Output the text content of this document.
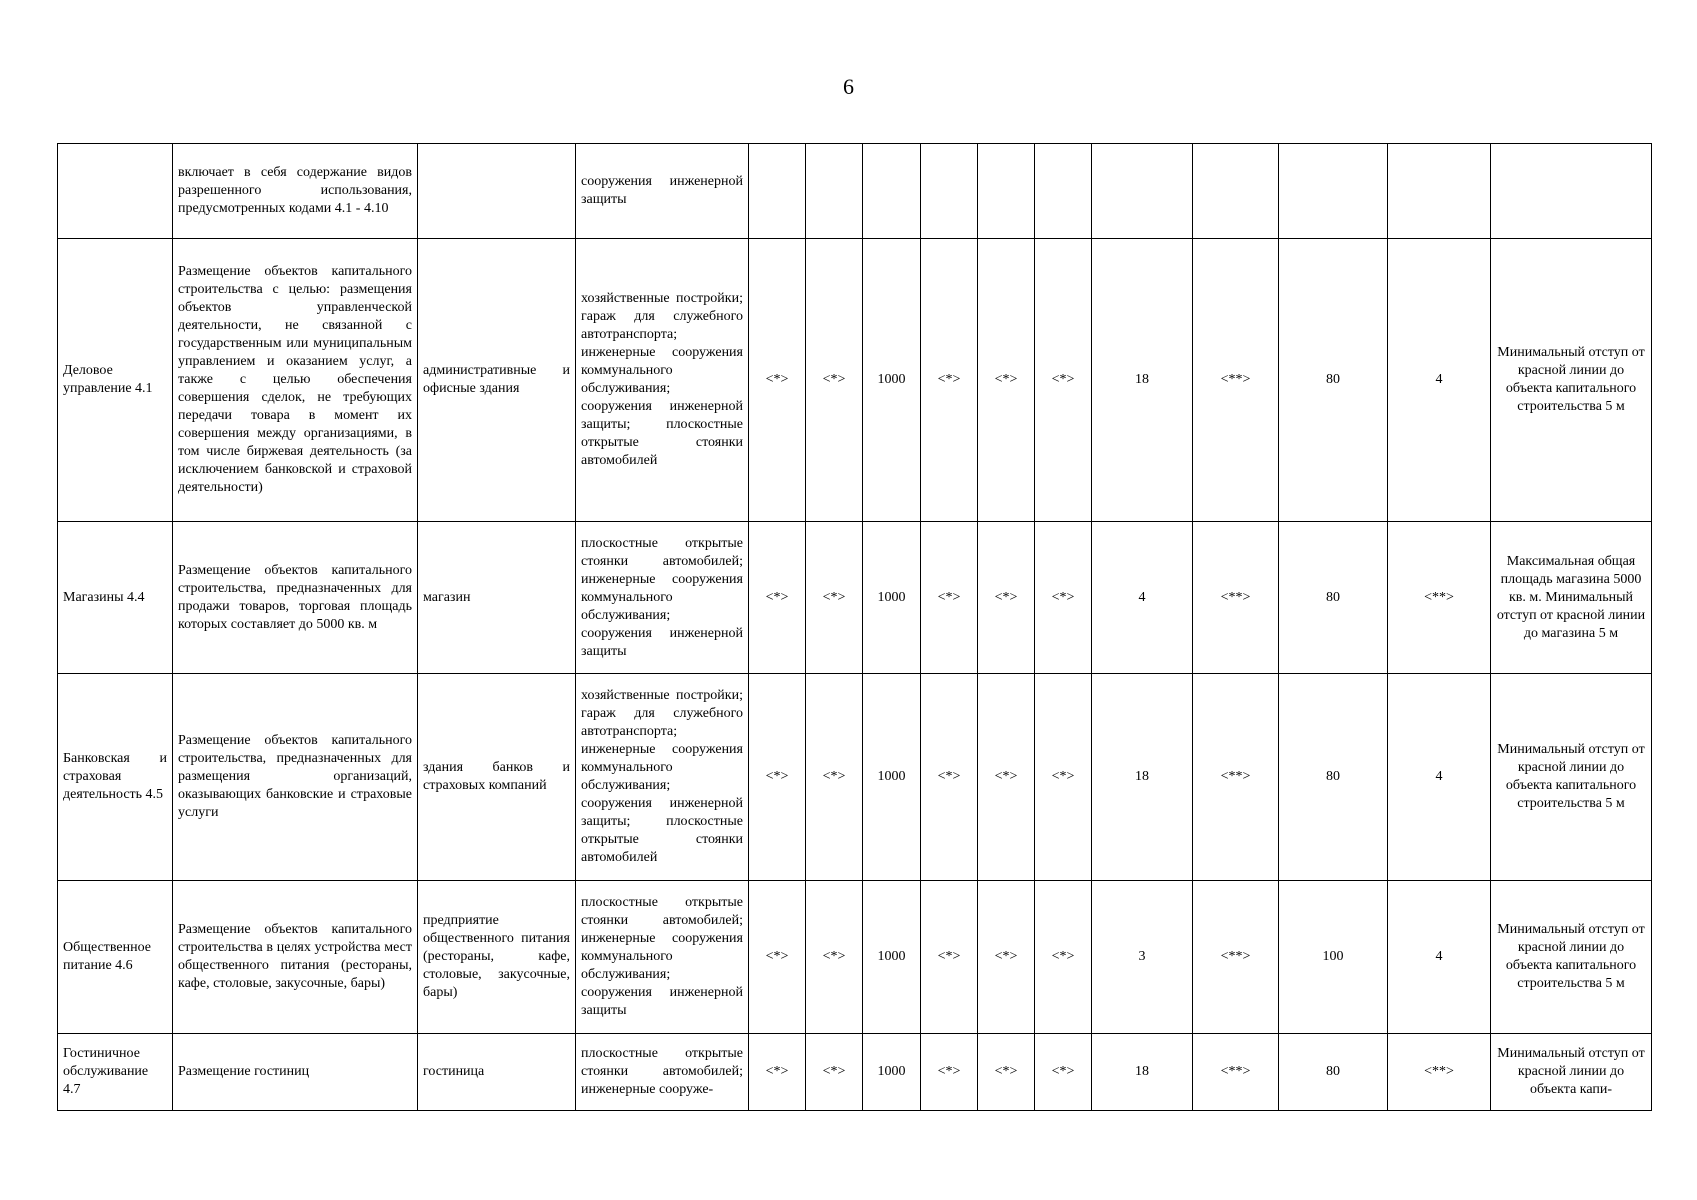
6

	включает в себя содержание видов разрешенного использования, предусмотренных кодами 4.1 - 4.10		сооружения инженерной защиты											

Деловое управление 4.1	Размещение объектов капитального строительства с целью: размещения объектов управленческой деятельности, не связанной с государственным или муниципальным управлением и оказанием услуг, а также с целью обеспечения совершения сделок, не требующих передачи товара в момент их совершения между организациями, в том числе биржевая деятельность (за исключением банковской и страховой деятельности)	административные и офисные здания	хозяйственные постройки; гараж для служебного автотранспорта; инженерные сооружения коммунального обслуживания; сооружения инженерной защиты; плоскостные открытые стоянки автомобилей	<*>	<*>	1000	<*>	<*>	<*>	18	<**>	80	4	Минимальный отступ от красной линии до объекта капитального строительства 5 м

Магазины 4.4	Размещение объектов капитального строительства, предназначенных для продажи товаров, торговая площадь которых составляет до 5000 кв. м	магазин	плоскостные открытые стоянки автомобилей; инженерные сооружения коммунального обслуживания; сооружения инженерной защиты	<*>	<*>	1000	<*>	<*>	<*>	4	<**>	80	<**>	Максимальная общая площадь магазина 5000 кв. м. Минимальный отступ от красной линии до магазина 5 м

Банковская и страховая деятельность 4.5	Размещение объектов капитального строительства, предназначенных для размещения организаций, оказывающих банковские и страховые услуги	здания банков и страховых компаний	хозяйственные постройки; гараж для служебного автотранспорта; инженерные сооружения коммунального обслуживания; сооружения инженерной защиты; плоскостные открытые стоянки автомобилей	<*>	<*>	1000	<*>	<*>	<*>	18	<**>	80	4	Минимальный отступ от красной линии до объекта капитального строительства 5 м

Общественное питание 4.6	Размещение объектов капитального строительства в целях устройства мест общественного питания (рестораны, кафе, столовые, закусочные, бары)	предприятие общественного питания (рестораны, кафе, столовые, закусочные, бары)	плоскостные открытые стоянки автомобилей; инженерные сооружения коммунального обслуживания; сооружения инженерной защиты	<*>	<*>	1000	<*>	<*>	<*>	3	<**>	100	4	Минимальный отступ от красной линии до объекта капитального строительства 5 м

Гостиничное обслуживание 4.7	Размещение гостиниц	гостиница	плоскостные открытые стоянки автомобилей; инженерные сооруже-	<*>	<*>	1000	<*>	<*>	<*>	18	<**>	80	<**>	Минимальный отступ от красной линии до объекта капи-
